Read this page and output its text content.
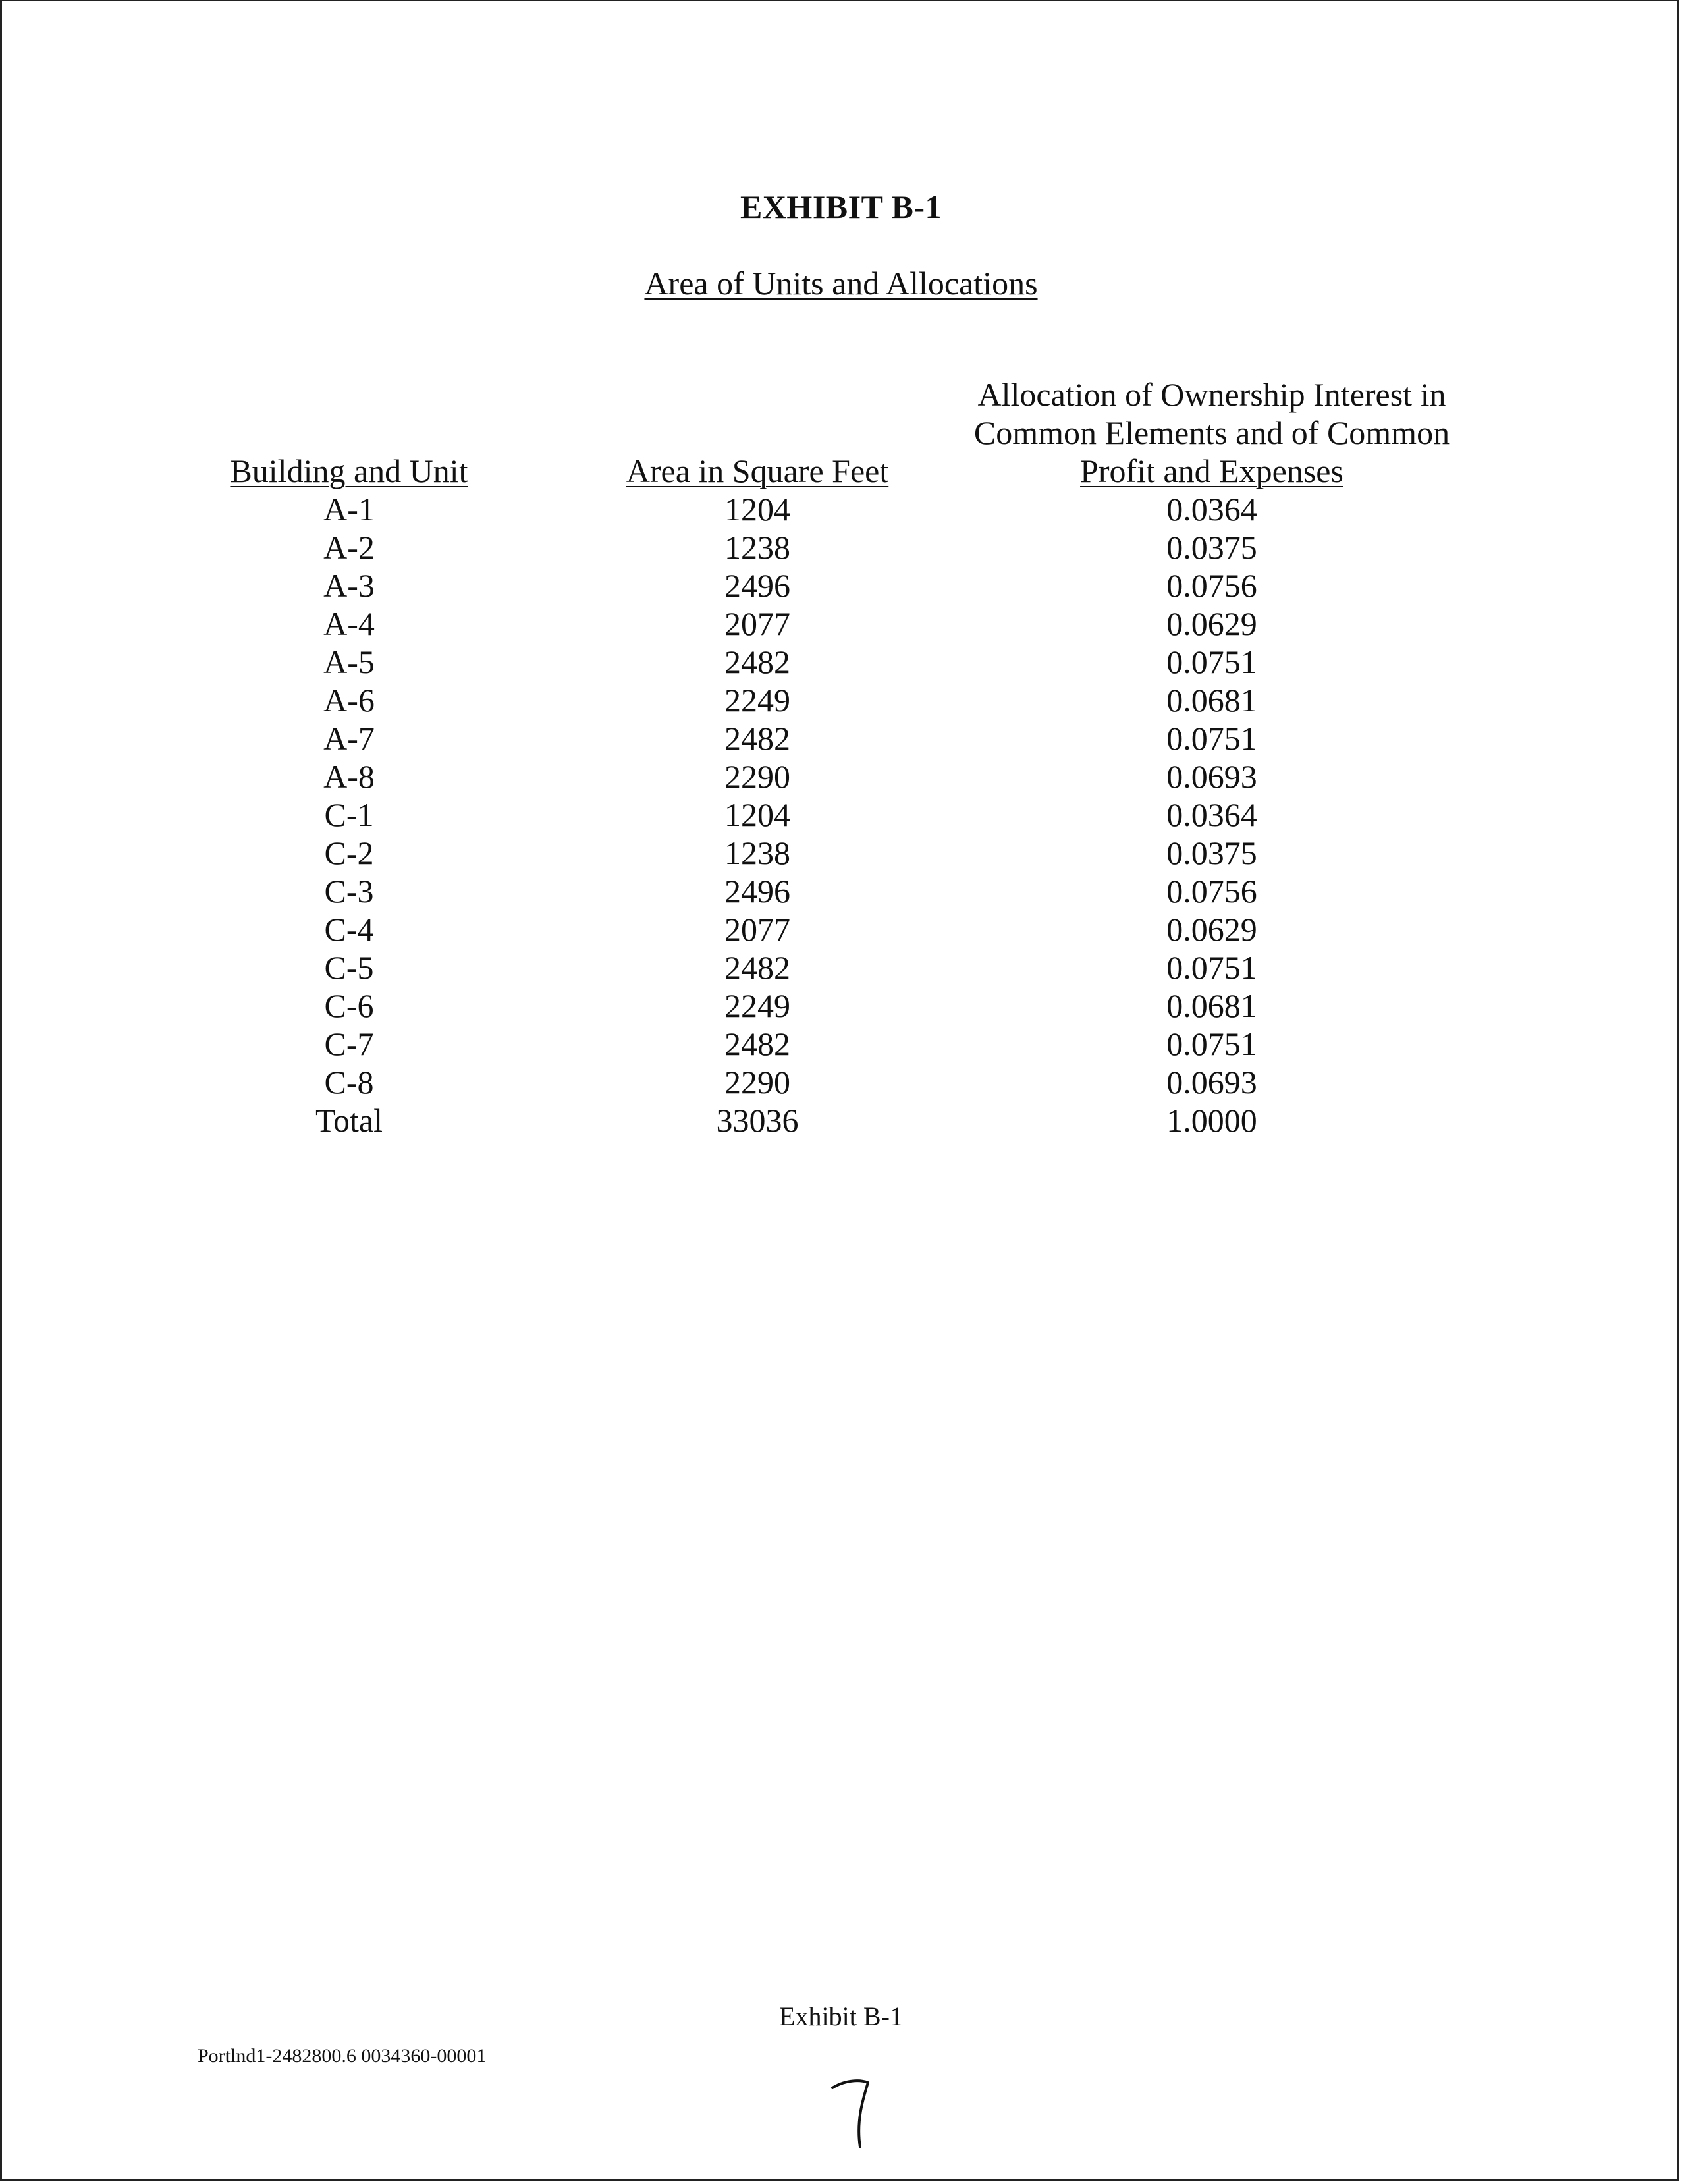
EXHIBIT B-1
Area of Units and Allocations
Building and Unit
A-1
A-2
A-3
A-4
A-5
A-6
A-7
A-8
C-1
C-2
C-3
C-4
C-5
C-6
C-7
C-8
Total
Area in Square Feet
1204
1238
2496
2077
2482
2249
2482
2290
1204
1238
2496
2077
2482
2249
2482
2290
33036
Allocation of Ownership Interest in
Common Elements and of Common
Profit and Expenses
0.0364
0.0375
0.0756
0.0629
0.0751
0.0681
0.0751
0.0693
0.0364
0.0375
0.0756
0.0629
0.0751
0.0681
0.0751
0.0693
1.0000
Exhibit B-1
Portlnd1-2482800.6 0034360-00001
